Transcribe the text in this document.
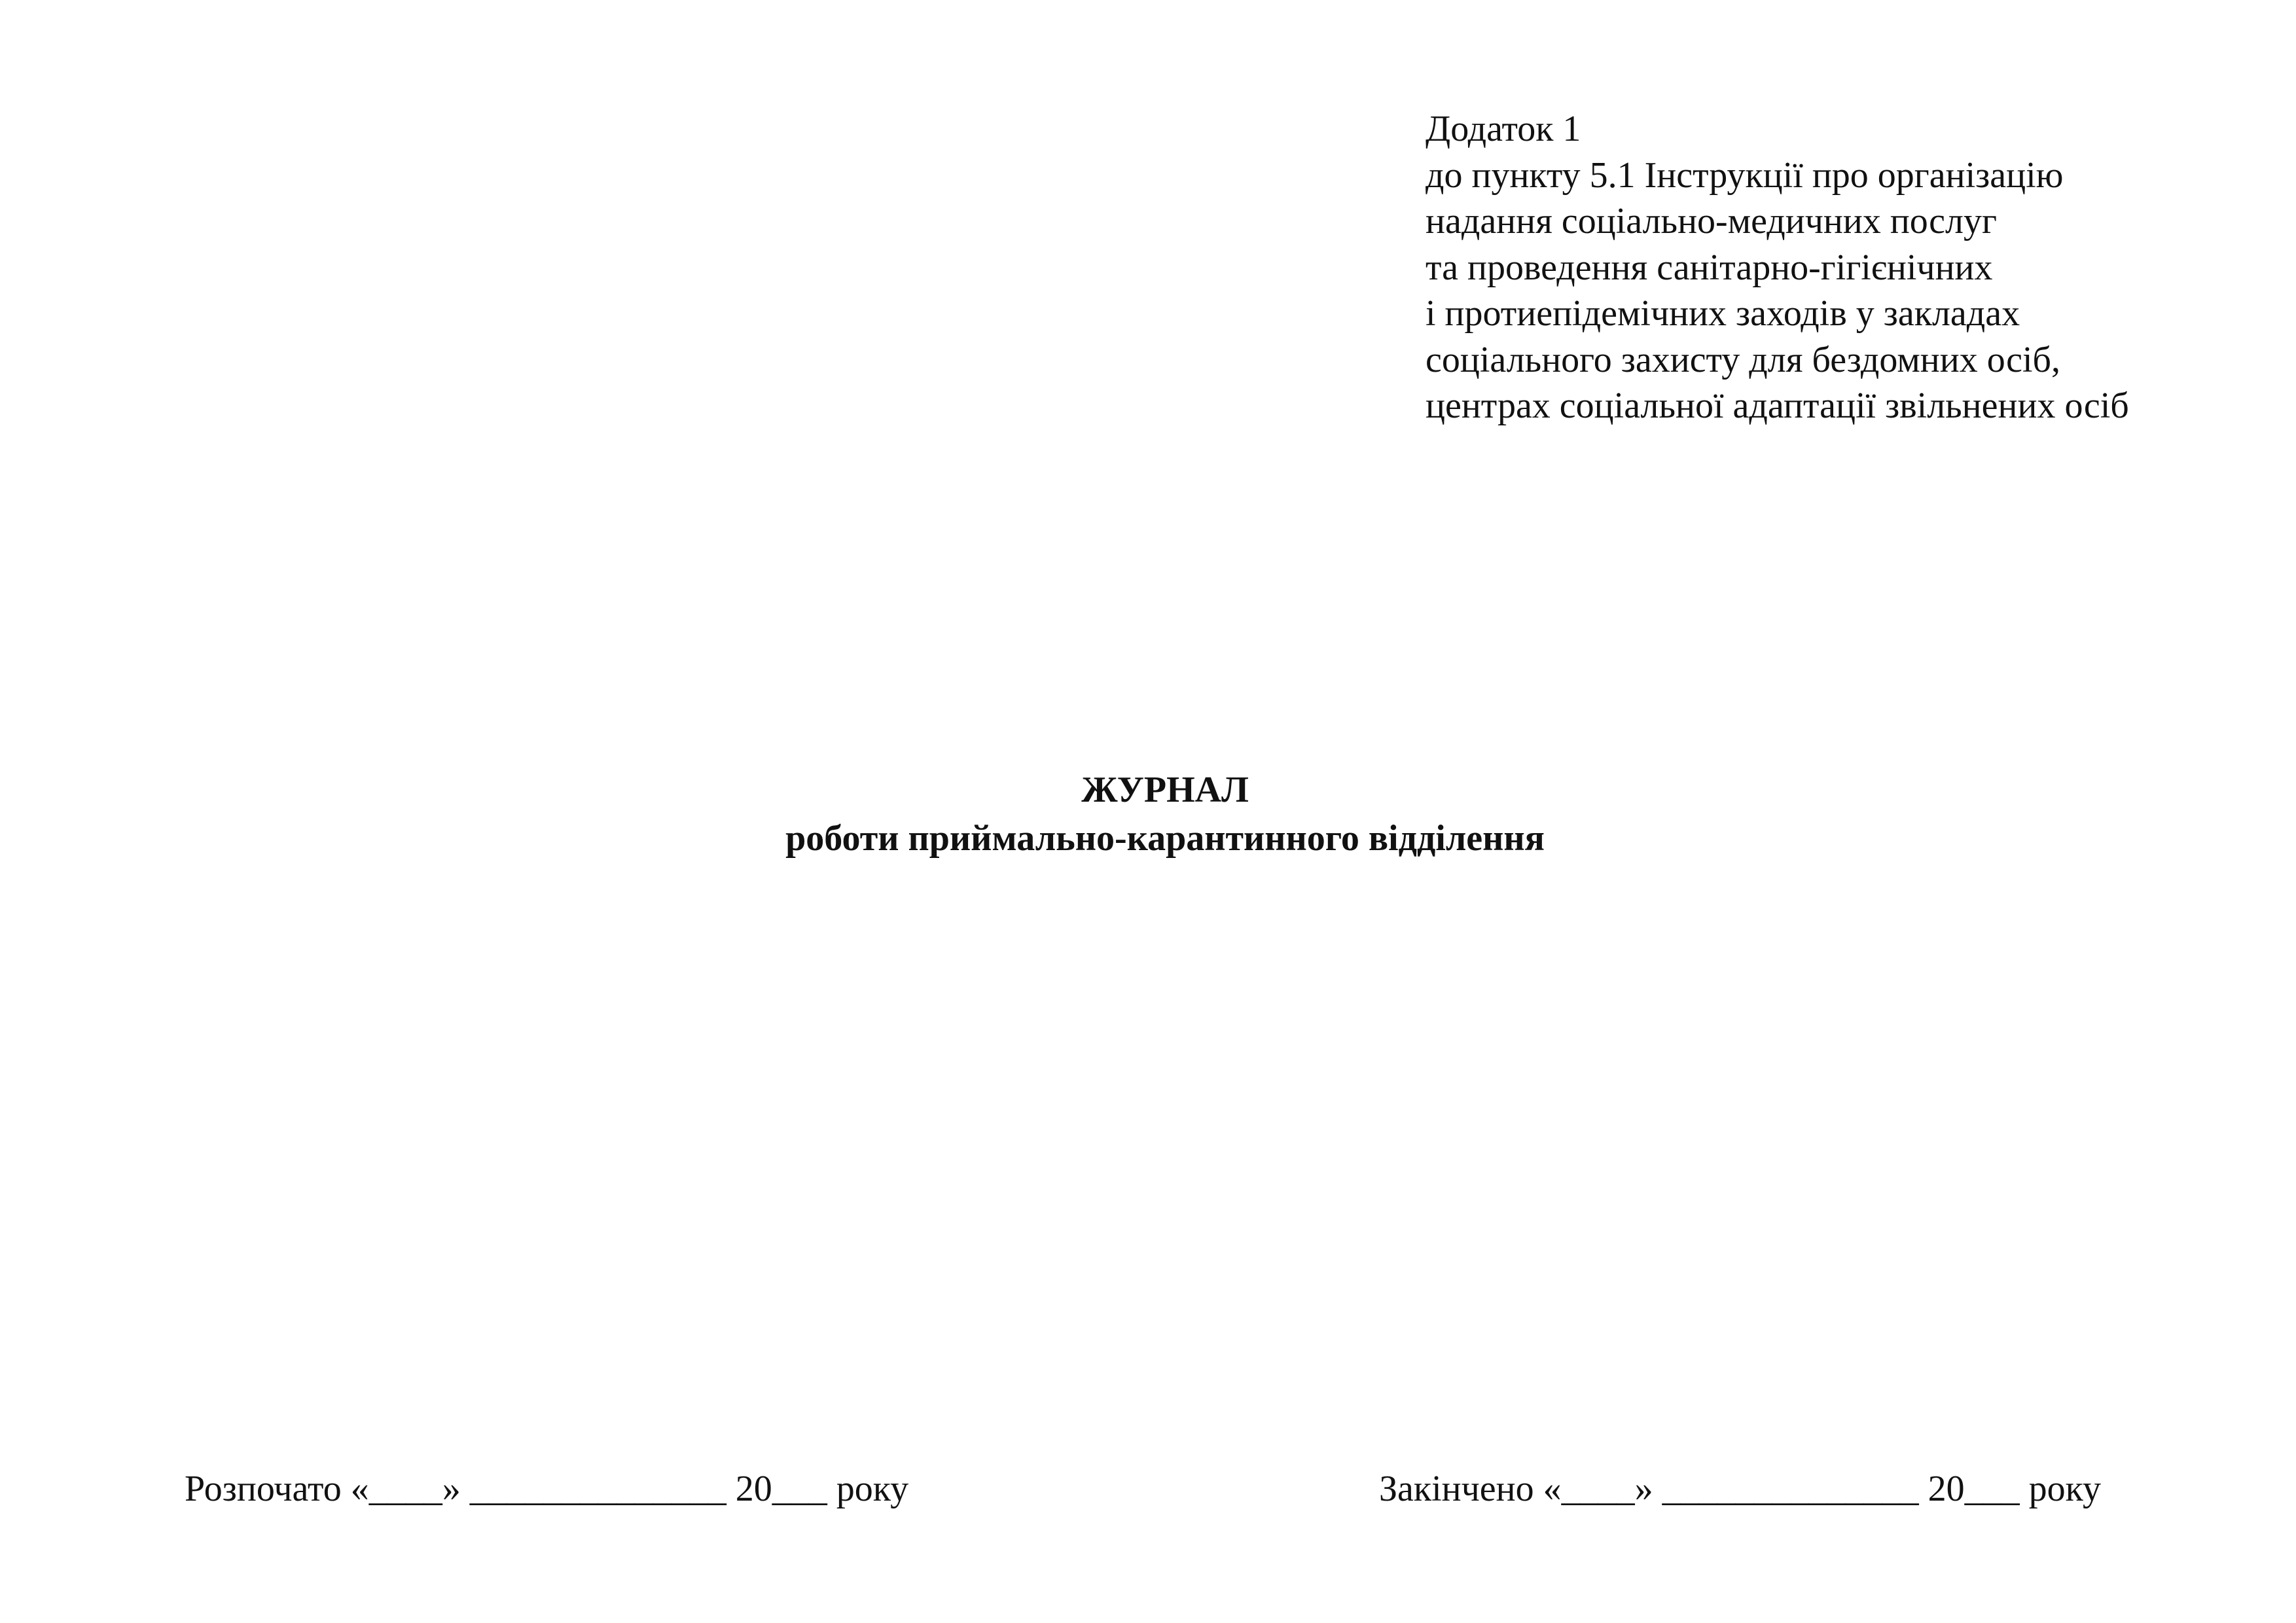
Додаток 1
до пункту 5.1 Інструкції про організацію
надання соціально-медичних послуг
та проведення санітарно-гігієнічних
і протиепідемічних заходів у закладах
соціального захисту для бездомних осіб,
центрах соціальної адаптації звільнених осіб
ЖУРНАЛ
роботи приймально-карантинного відділення
Розпочато «____» ______________ 20___ року	Закінчено «____» ______________ 20___ року
